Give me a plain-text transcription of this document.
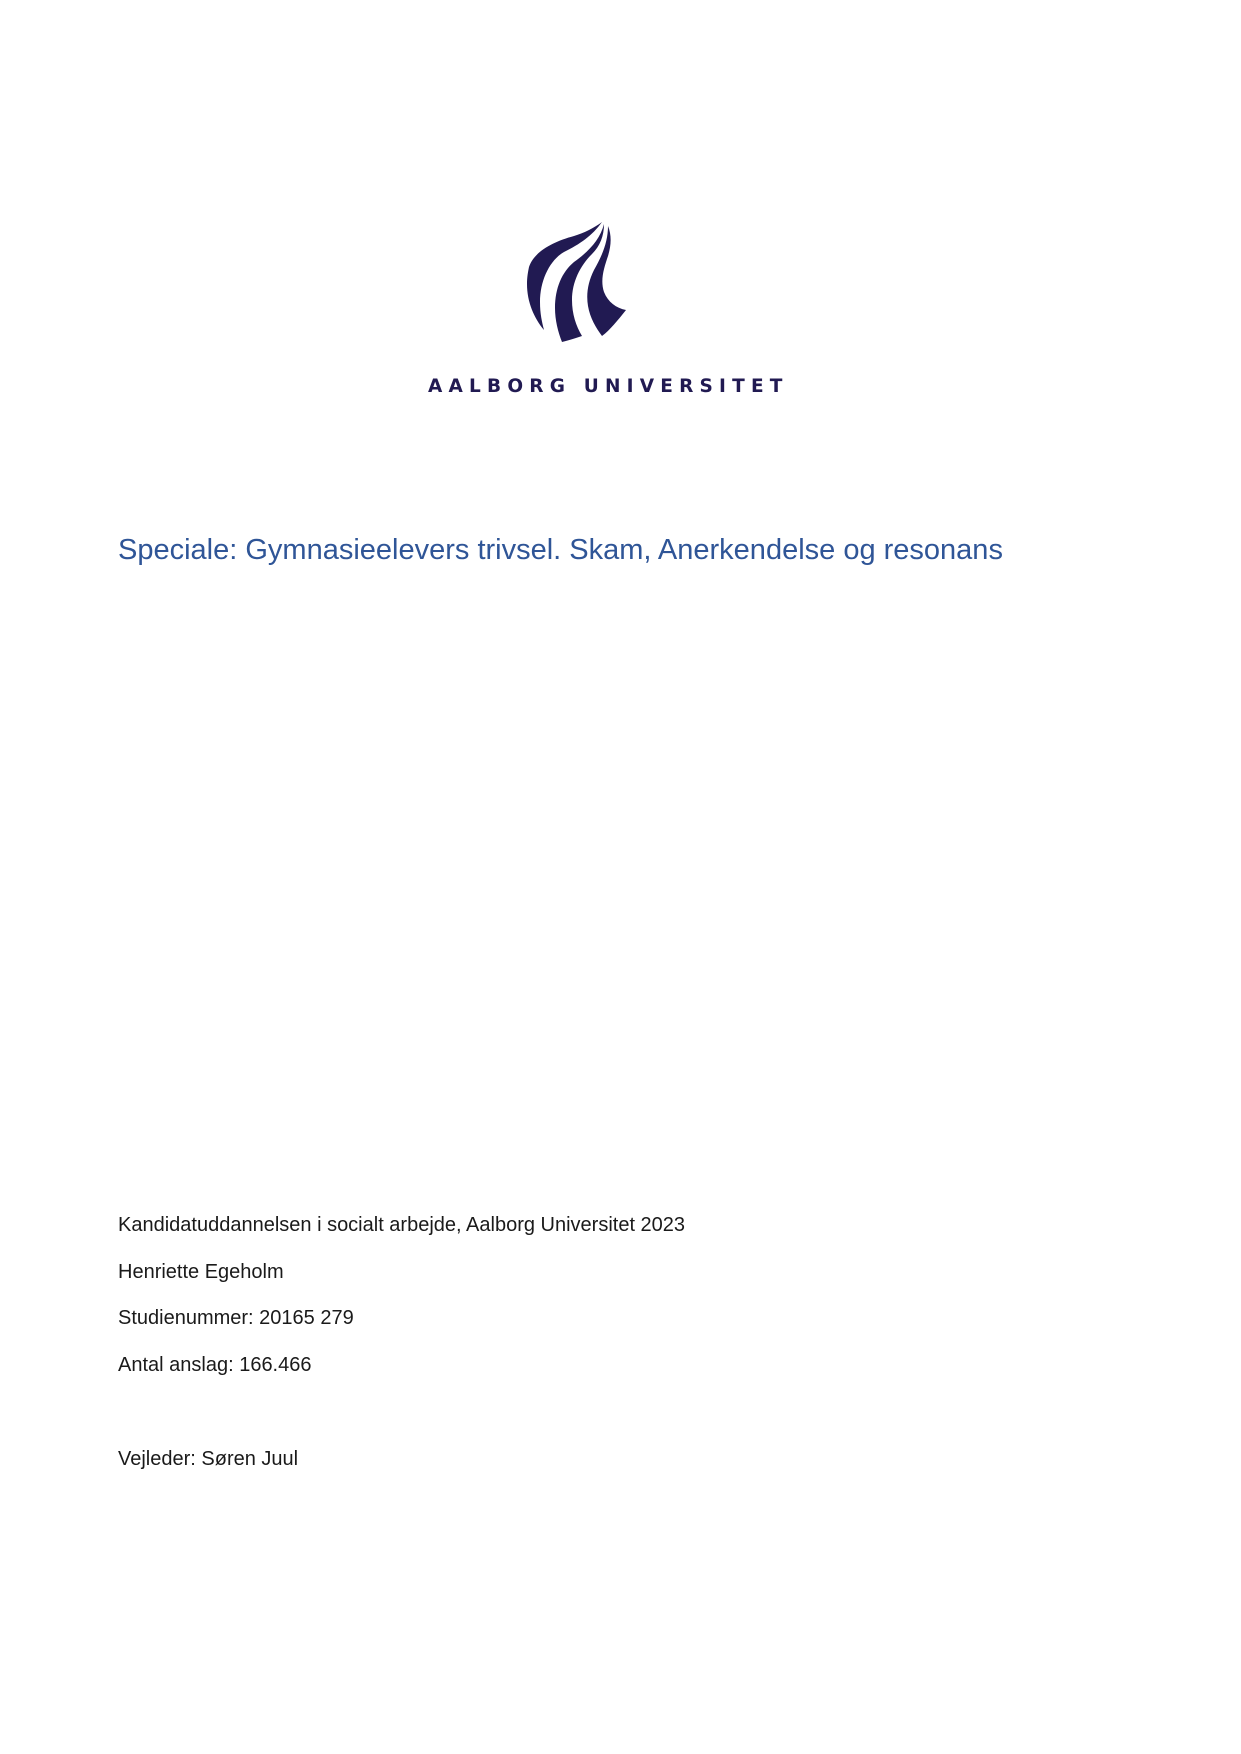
AALBORG UNIVERSITET
Speciale: Gymnasieelevers trivsel. Skam, Anerkendelse og resonans
Kandidatuddannelsen i socialt arbejde, Aalborg Universitet 2023
Henriette Egeholm
Studienummer: 20165 279
Antal anslag: 166.466
Vejleder: Søren Juul
